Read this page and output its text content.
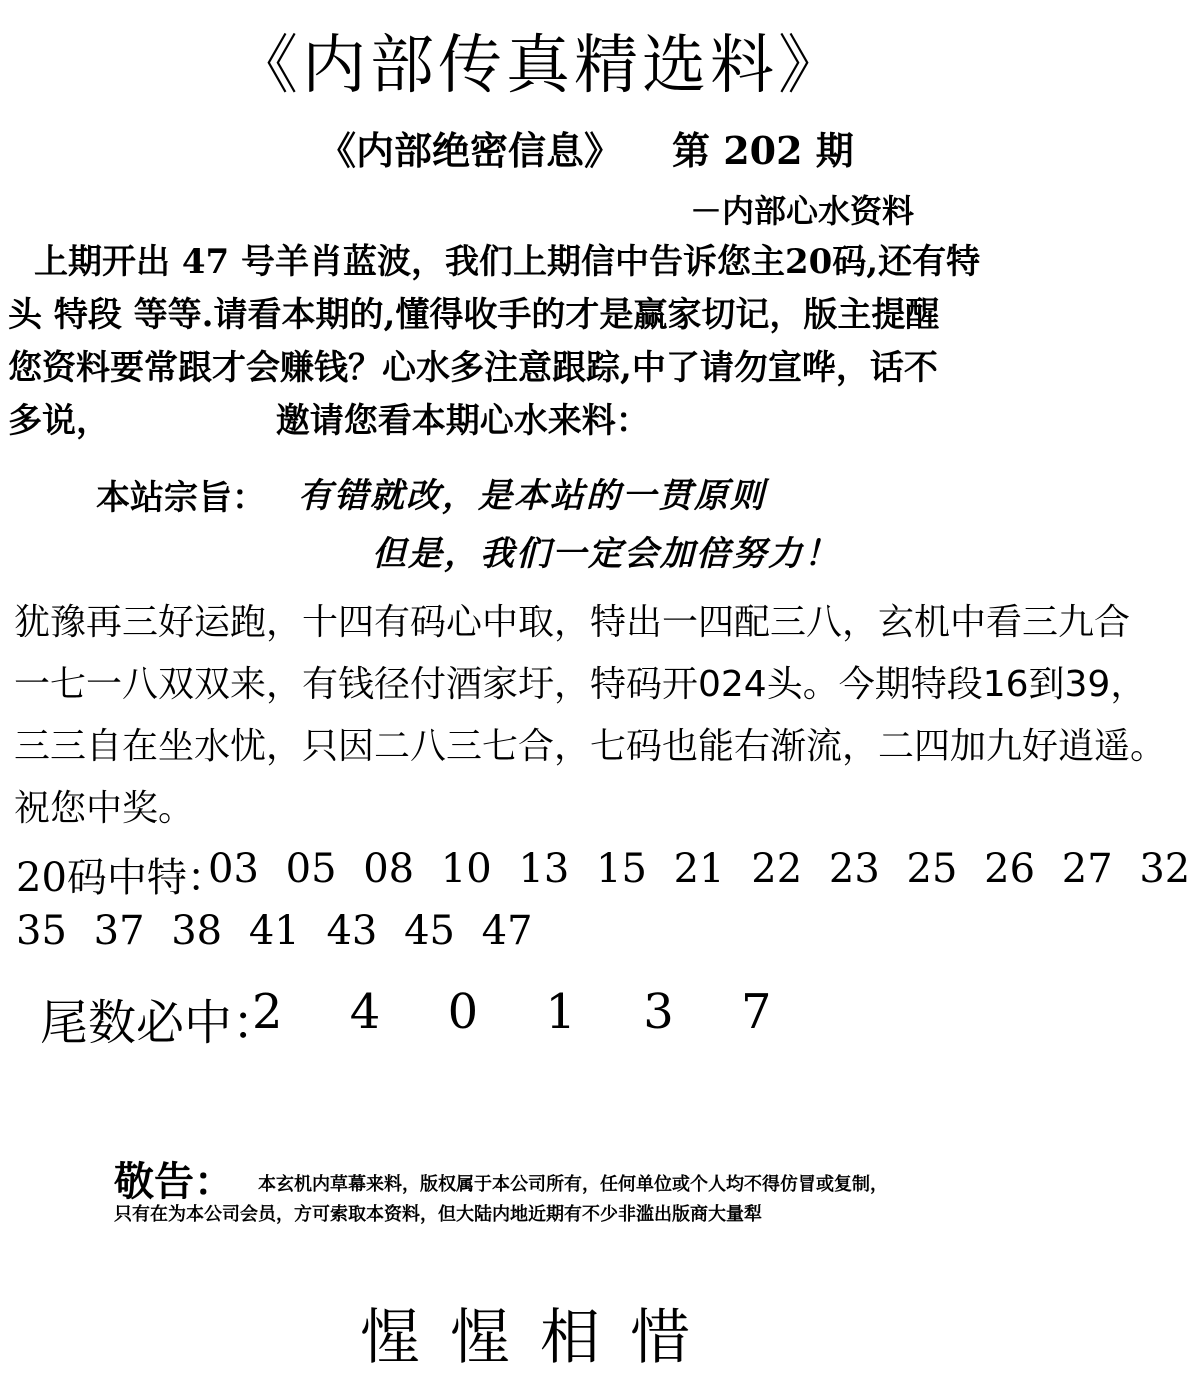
《内部传真精选料》
《内部绝密信息》 第 202 期
－内部心水资料
上期开出 47 号羊肖蓝波，我们上期信中告诉您主20码,还有特
头 特段 等等.请看本期的,懂得收手的才是赢家切记，版主提醒
您资料要常跟才会赚钱？心水多注意跟踪,中了请勿宣哗，话不
多说，              邀请您看本期心水来料：
本站宗旨： 有错就改，是本站的一贯原则
但是，我们一定会加倍努力！
犹豫再三好运跑，十四有码心中取，特出一四配三八，玄机中看三九合
一七一八双双来，有钱径付酒家圩，特码开024头。今期特段16到39，
三三自在坐水忧，只因二八三七合，七码也能右渐流，二四加九好逍遥。
祝您中奖。
20码中特：
03 05 08 10 13 15 21 22 23 25 26 27 32
35 37 38 41 43 45 47
尾数必中：
2 4 0 1 3 7
敬告： 本玄机内草幕来料，版权属于本公司所有，任何单位或个人均不得仿冒或复制，
只有在为本公司会员，方可索取本资料，但大陆内地近期有不少非滥出版商大量犁
惺惺相惜
